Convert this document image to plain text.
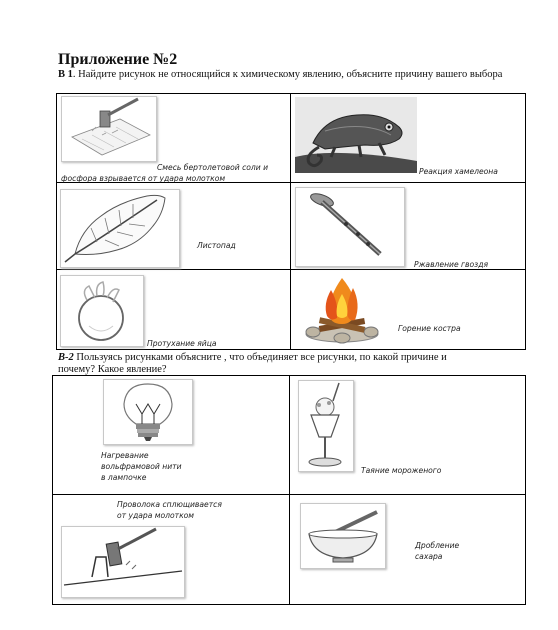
Приложение №2
В 1. Найдите рисунок не относящийся к химическому явлению, объясните причину вашего выбора
Смесь бертолетовой соли и
фосфора взрывается от удара молотком
Реакция хамелеона
Листопад
Ржавление гвоздя
Протухание яйца
Горение костра
В-2 Пользуясь рисунками объясните , что объединяет все рисунки, по какой причине и
почему? Какое явление?
Нагревание
вольфрамовой нити
в лампочке
Таяние мороженого
Проволока сплющивается
от удара молотком
Дробление
сахара
